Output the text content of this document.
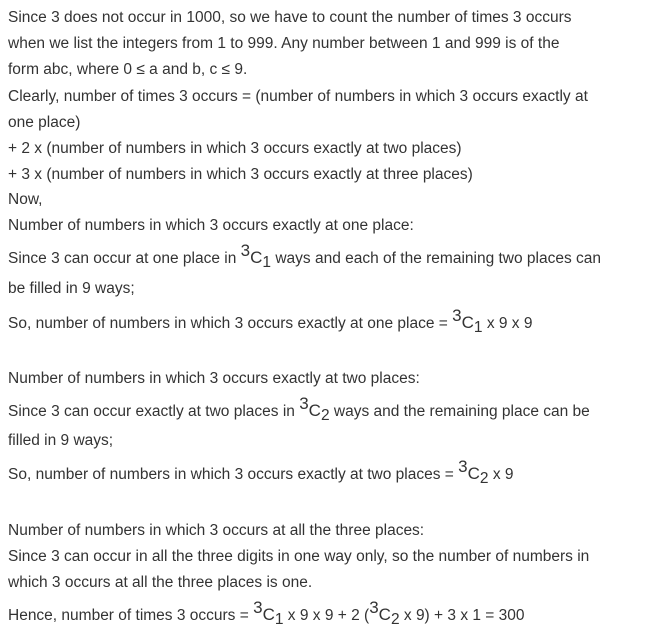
Since 3 does not occur in 1000, so we have to count the number of times 3 occurs
when we list the integers from 1 to 999. Any number between 1 and 999 is of the
form abc, where 0 ≤ a and b, c ≤ 9.
Clearly, number of times 3 occurs = (number of numbers in which 3 occurs exactly at
one place)
+ 2 x (number of numbers in which 3 occurs exactly at two places)
+ 3 x (number of numbers in which 3 occurs exactly at three places)
Now,
Number of numbers in which 3 occurs exactly at one place:
Since 3 can occur at one place in 3C1 ways and each of the remaining two places can
be filled in 9 ways;
So, number of numbers in which 3 occurs exactly at one place = 3C1 x 9 x 9
Number of numbers in which 3 occurs exactly at two places:
Since 3 can occur exactly at two places in 3C2 ways and the remaining place can be
filled in 9 ways;
So, number of numbers in which 3 occurs exactly at two places = 3C2 x 9
Number of numbers in which 3 occurs at all the three places:
Since 3 can occur in all the three digits in one way only, so the number of numbers in
which 3 occurs at all the three places is one.
Hence, number of times 3 occurs = 3C1 x 9 x 9 + 2 (3C2 x 9) + 3 x 1 = 300
